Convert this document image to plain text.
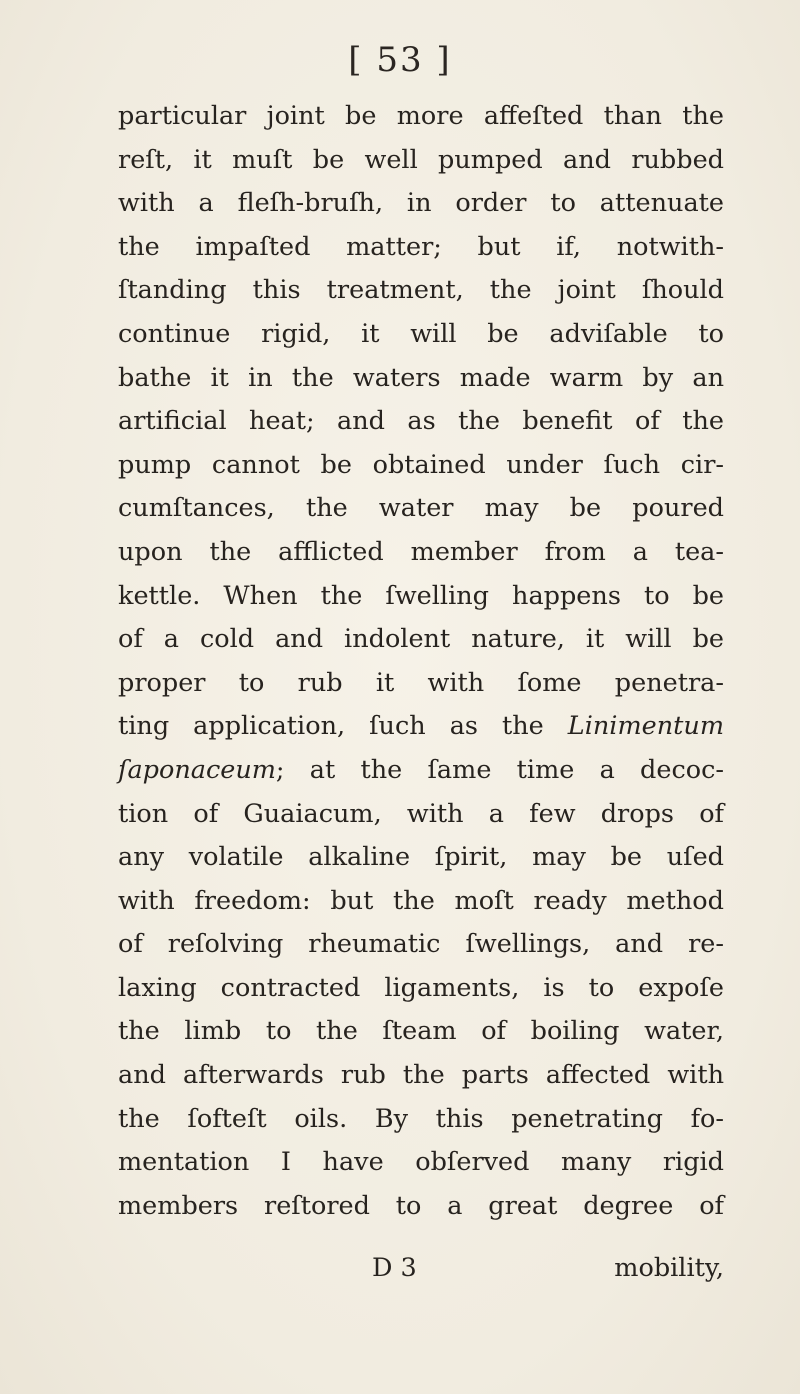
[ 53 ]
particular joint be more affeſted than the
reſt, it muſt be well pumped and rubbed
with a fleſh-bruſh, in order to attenuate
the impaſted matter; but if, notwith-
ſtanding this treatment, the joint ſhould
continue rigid, it will be adviſable to
bathe it in the waters made warm by an
artificial heat; and as the benefit of the
pump cannot be obtained under ſuch cir-
cumſtances, the water may be poured
upon the afflicted member from a tea-
kettle. When the ſwelling happens to be
of a cold and indolent nature, it will be
proper to rub it with ſome penetra-
ting application, ſuch as the Linimentum
ſaponaceum; at the ſame time a decoc-
tion of Guaiacum, with a few drops of
any volatile alkaline ſpirit, may be uſed
with freedom: but the moſt ready method
of reſolving rheumatic ſwellings, and re-
laxing contracted ligaments, is to expoſe
the limb to the ſteam of boiling water,
and afterwards rub the parts affected with
the ſofteſt oils. By this penetrating fo-
mentation I have obſerved many rigid
members reſtored to a great degree of
D 3	mobility,
